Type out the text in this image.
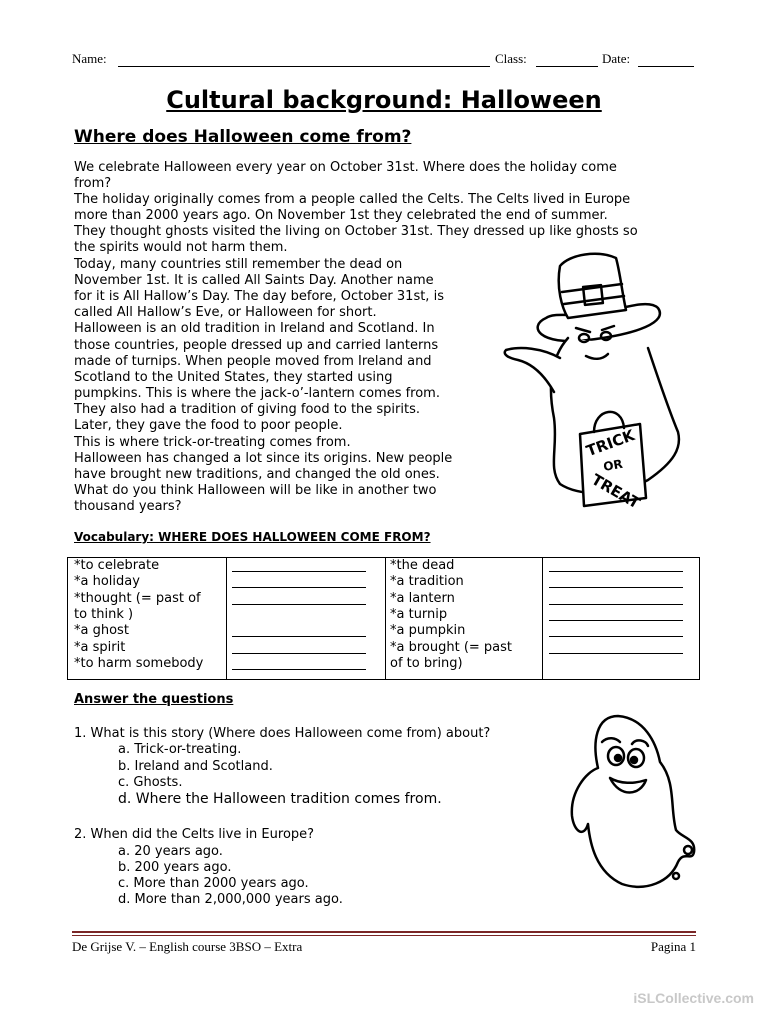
Name:	Class:	Date:
Cultural background: Halloween
Where does Halloween come from?
We celebrate Halloween every year on October 31st. Where does the holiday come
from?
The holiday originally comes from a people called the Celts. The Celts lived in Europe
more than 2000 years ago. On November 1st they celebrated the end of summer.
They thought ghosts visited the living on October 31st. They dressed up like ghosts so
the spirits would not harm them.
Today, many countries still remember the dead on
November 1st. It is called All Saints Day. Another name
for it is All Hallow’s Day. The day before, October 31st, is
called All Hallow’s Eve, or Halloween for short.
Halloween is an old tradition in Ireland and Scotland. In
those countries, people dressed up and carried lanterns
made of turnips. When people moved from Ireland and
Scotland to the United States, they started using
pumpkins. This is where the jack-o’-lantern comes from.
They also had a tradition of giving food to the spirits.
Later, they gave the food to poor people.
This is where trick-or-treating comes from.
Halloween has changed a lot since its origins. New people
have brought new traditions, and changed the old ones.
What do you think Halloween will be like in another two
thousand years?
TRICK
OR
TREAT
Vocabulary: WHERE DOES HALLOWEEN COME FROM?
*to celebrate
*a holiday
*thought (= past of
to think )
*a ghost
*a spirit
*to harm somebody
*the dead
*a tradition
*a lantern
*a turnip
*a pumpkin
*a brought (= past
of to bring)
Answer the questions
1. What is this story (Where does Halloween come from) about?
a. Trick-or-treating.
b. Ireland and Scotland.
c. Ghosts.
d. Where the Halloween tradition comes from.
2. When did the Celts live in Europe?
a. 20 years ago.
b. 200 years ago.
c. More than 2000 years ago.
d. More than 2,000,000 years ago.
De Grijse V. – English course 3BSO – Extra	Pagina 1
iSLCollective.com
